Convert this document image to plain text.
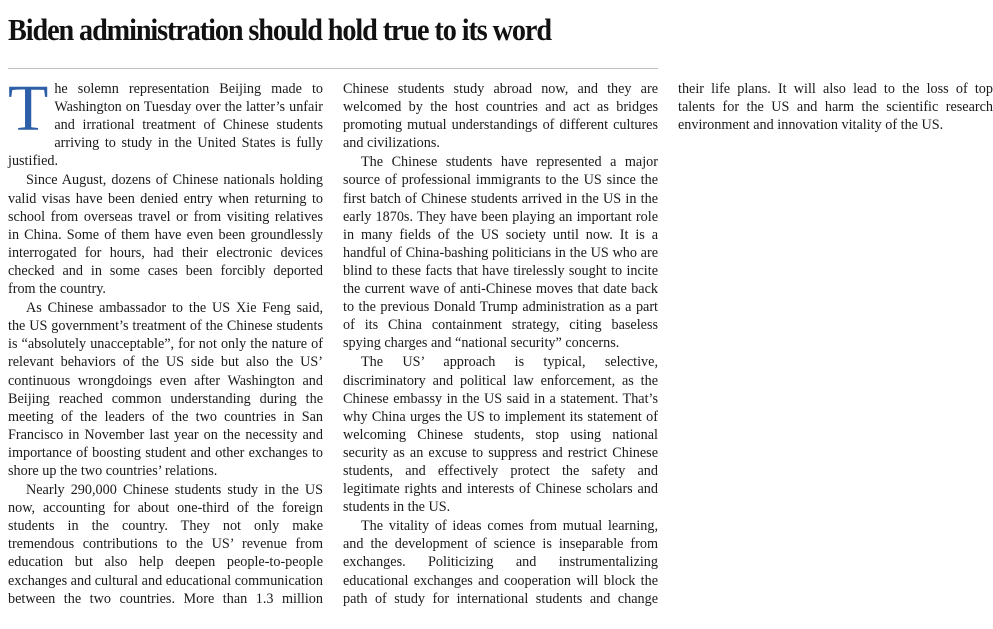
Biden administration should hold true to its word

The solemn representation Beijing made to Washington on Tuesday over the latter’s unfair and irrational treatment of Chinese students arriving to study in the United States is fully justified.

Since August, dozens of Chinese nationals holding valid visas have been denied entry when returning to school from overseas travel or from visiting relatives in China. Some of them have even been groundlessly interrogated for hours, had their electronic devices checked and in some cases been forcibly deported from the country.

As Chinese ambassador to the US Xie Feng said, the US government’s treatment of the Chinese students is “absolutely unacceptable”, for not only the nature of relevant behaviors of the US side but also the US’ continuous wrongdoings even after Washington and Beijing reached common understanding during the meeting of the leaders of the two countries in San Francisco in November last year on the necessity and importance of boosting student and other exchanges to shore up the two countries’ relations.

Nearly 290,000 Chinese students study in the US now, accounting for about one-third of the foreign students in the country. They not only make tremendous contributions to the US’ revenue from education but also help deepen people-to-people exchanges and cultural and educational communication between the two countries. More than 1.3 million Chinese students study abroad now, and they are welcomed by the host countries and act as bridges promoting mutual understandings of different cultures and civilizations.

The Chinese students have represented a major source of professional immigrants to the US since the first batch of Chinese students arrived in the US in the early 1870s. They have been playing an important role in many fields of the US society until now. It is a handful of China-bashing politicians in the US who are blind to these facts that have tirelessly sought to incite the current wave of anti-Chinese moves that date back to the previous Donald Trump administration as a part of its China containment strategy, citing baseless spying charges and “national security” concerns.

The US’ approach is typical, selective, discriminatory and political law enforcement, as the Chinese embassy in the US said in a statement. That’s why China urges the US to implement its statement of welcoming Chinese students, stop using national security as an excuse to suppress and restrict Chinese students, and effectively protect the safety and legitimate rights and interests of Chinese scholars and students in the US.

The vitality of ideas comes from mutual learning, and the development of science is inseparable from exchanges. Politicizing and instrumentalizing educational exchanges and cooperation will block the path of study for international students and change their life plans. It will also lead to the loss of top talents for the US and harm the scientific research environment and innovation vitality of the US.
